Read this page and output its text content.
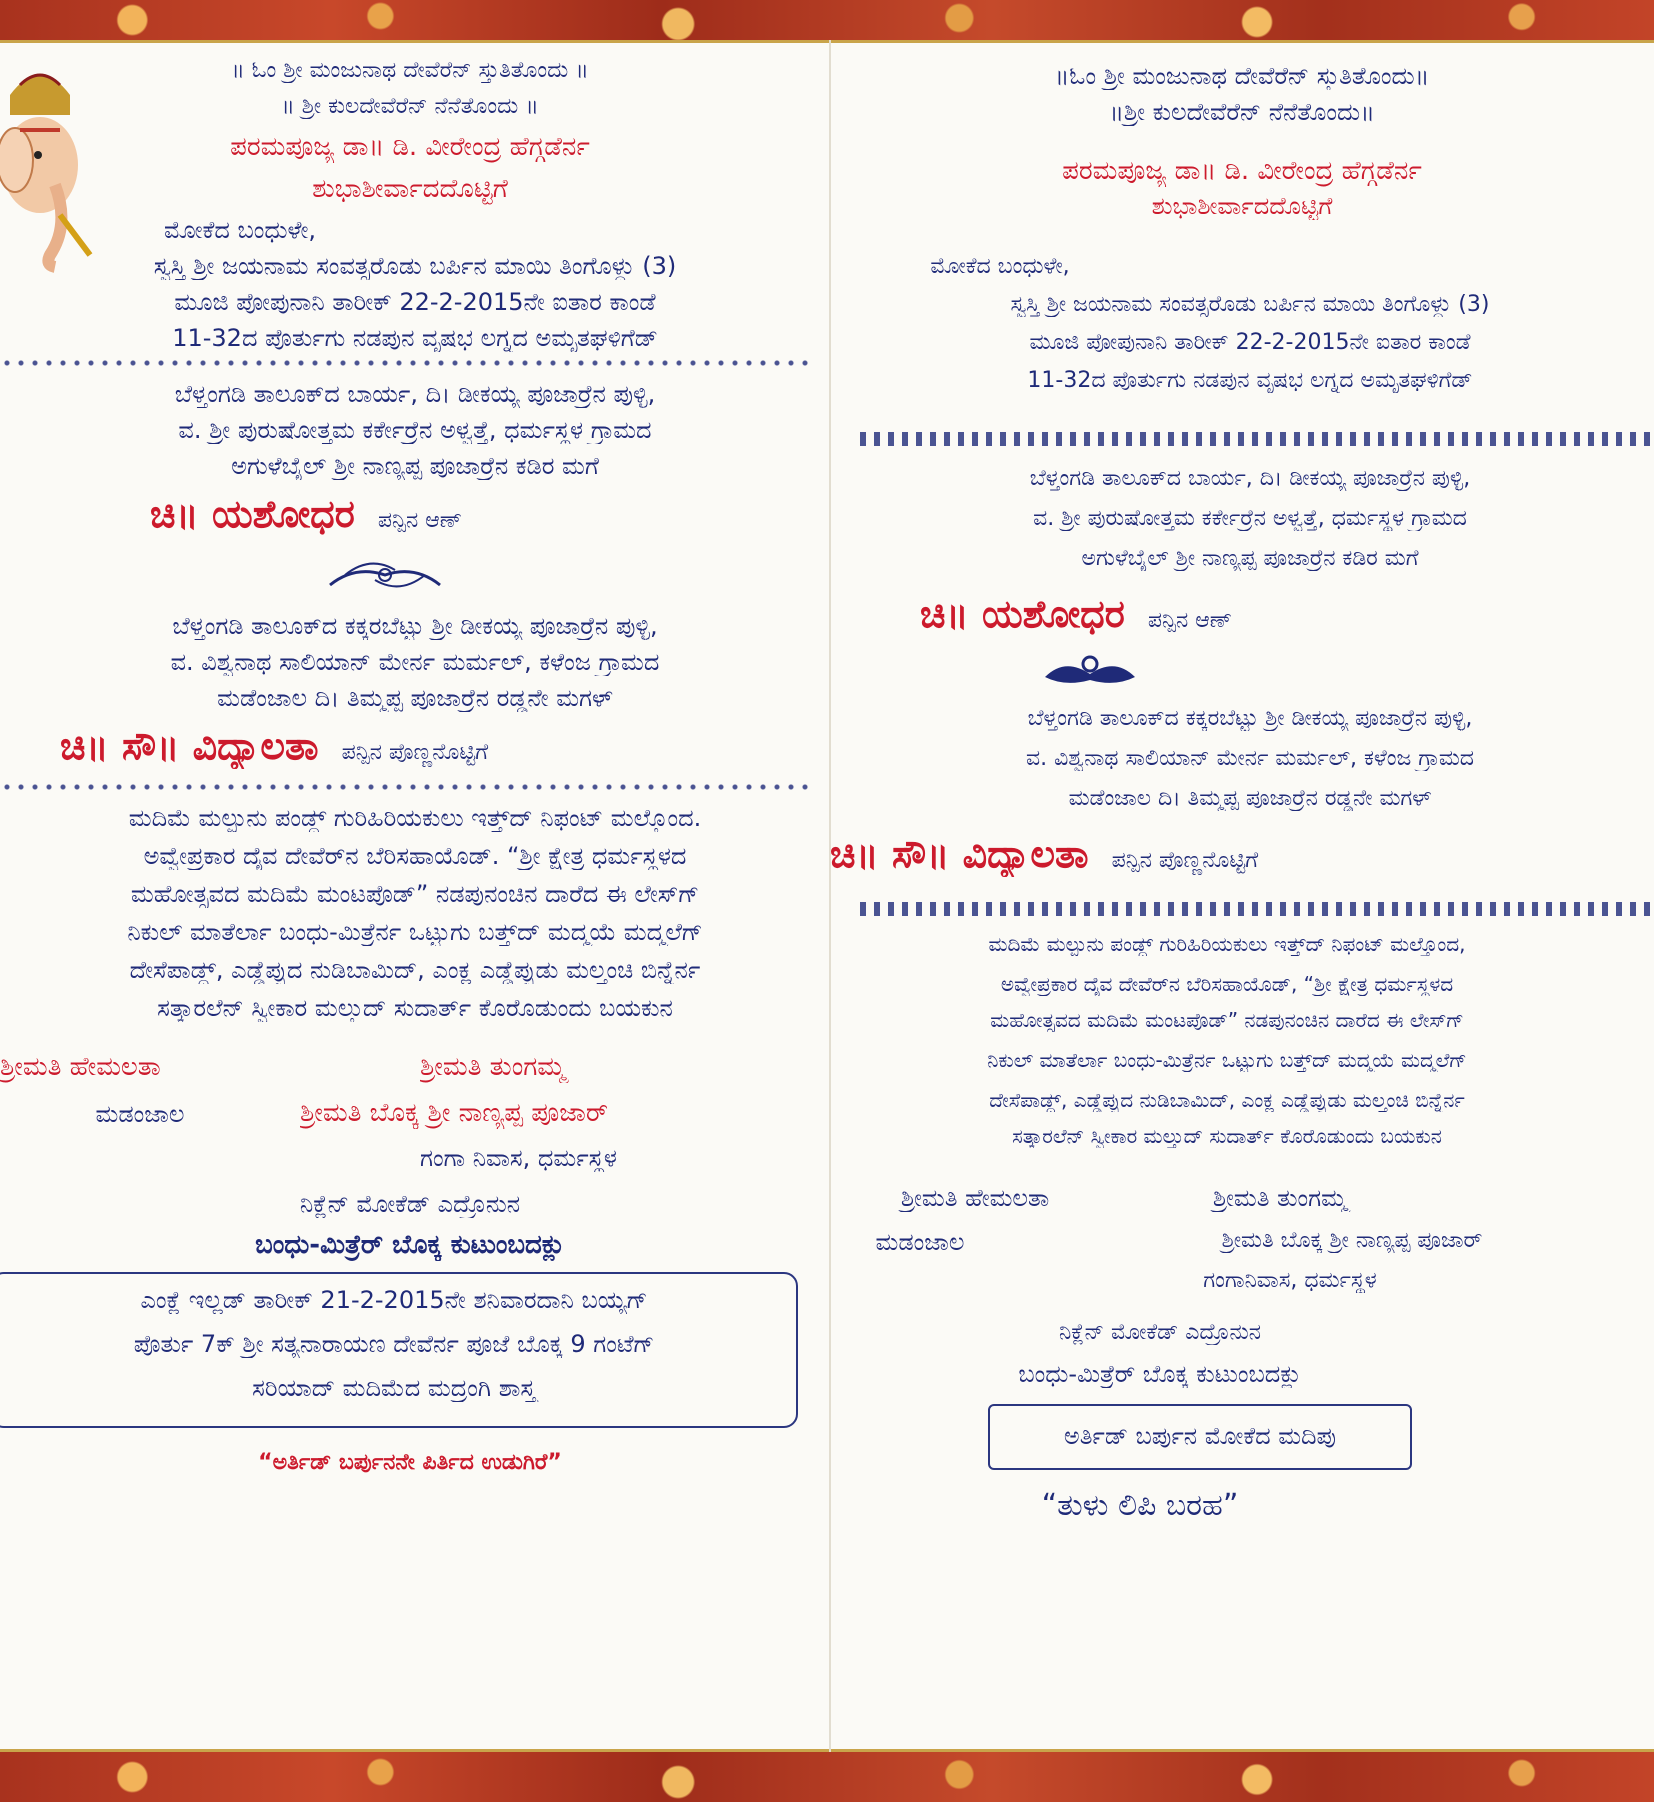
॥ ಓಂ ಶ್ರೀ ಮಂಜುನಾಥ ದೇವೆರೆನ್ ಸ್ತುತಿತೊಂದು ॥
॥ ಶ್ರೀ ಕುಲದೇವೆರೆನ್ ನೆನೆತೊಂದು ॥
ಪರಮಪೂಜ್ಯ ಡಾ॥ ಡಿ. ವೀರೇಂದ್ರ ಹೆಗ್ಗಡೆರ್ನ
ಶುಭಾಶೀರ್ವಾದದೊಟ್ಟಿಗೆ
ಮೋಕೆದ ಬಂಧುಳೇ,
ಸ್ವಸ್ತಿ ಶ್ರೀ ಜಯನಾಮ ಸಂವತ್ಸರೊಡು ಬರ್ಪಿನ ಮಾಯಿ ತಿಂಗೊಳ್ದು (3)
ಮೂಜಿ ಪೋಪುನಾನಿ ತಾರೀಕ್ 22-2-2015ನೇ ಐತಾರ ಕಾಂಡೆ
11-32ದ ಪೊರ್ತುಗು ನಡಪುನ ವೃಷಭ ಲಗ್ನದ ಅಮೃತಘಳಿಗೆಡ್
ಬೆಳ್ತಂಗಡಿ ತಾಲೂಕ್‌ದ ಬಾರ್ಯ, ದಿ। ಡೀಕಯ್ಯ ಪೂಜಾರ್ರೆನ ಪುಳ್ಳಿ,
ವ. ಶ್ರೀ ಪುರುಷೋತ್ತಮ ಕರ್ಕೇರ್ರೆನ ಅಳ್ವತ್ತೆ, ಧರ್ಮಸ್ಥಳ ಗ್ರಾಮದ
ಅಗುಳೆಬೈಲ್ ಶ್ರೀ ನಾಣ್ಯಪ್ಪ ಪೂಜಾರ್ರೆನ ಕಡಿರ ಮಗೆ
ಚಿ॥ ಯಶೋಧರ ಪನ್ಪಿನ ಆಣ್
ಬೆಳ್ತಂಗಡಿ ತಾಲೂಕ್‌ದ ಕಕ್ಕರಬೆಟ್ಟು ಶ್ರೀ ಡೀಕಯ್ಯ ಪೂಜಾರ್ರೆನ ಪುಳ್ಳಿ,
ವ. ವಿಶ್ವನಾಥ ಸಾಲಿಯಾನ್ ಮೇರ್ನ ಮರ್ಮಲ್, ಕಳೆಂಜ ಗ್ರಾಮದ
ಮಡೆಂಜಾಲ ದಿ। ತಿಮ್ಮಪ್ಪ ಪೂಜಾರ್ರೆನ ರಡ್ಡನೇ ಮಗಳ್
ಚಿ॥ ಸೌ॥ ವಿದ್ಯಾಲತಾ ಪನ್ಪಿನ ಪೊಣ್ಣನೊಟ್ಟಿಗೆ
ಮದಿಮೆ ಮಲ್ಪುನು ಪಂಡ್ದ್ ಗುರಿಹಿರಿಯಕುಲು ಇತ್ತ್‌ದ್ ನಿಫಂಟ್ ಮಲ್ತೊಂದ.
ಅವ್ವೇಪ್ರಕಾರ ದೈವ ದೇವೆರ್‌ನ ಬೆರಿಸಹಾಯೊಡ್. “ಶ್ರೀ ಕ್ಷೇತ್ರ ಧರ್ಮಸ್ಥಳದ
ಮಹೋತ್ಸವದ ಮದಿಮೆ ಮಂಟಪೊಡ್” ನಡಪುನಂಚಿನ ದಾರೆದ ಈ ಲೇಸ್‌ಗ್
ನಿಕುಲ್ ಮಾತೆರ್ಲಾ ಬಂಧು-ಮಿತ್ರೆರ್ನ ಒಟ್ಟುಗು ಬತ್ತ್‌ದ್ ಮದ್ಮಯೆ ಮದ್ಮಲೆಗ್
ದೇಸೆಪಾಡ್ದ್, ಎಡ್ಡೆಪ್ಪುದ ನುಡಿಬಾಮಿದ್, ಎಂಕ್ಲ ಎಡ್ಡೆಪ್ಪುಡು ಮಲ್ತಂಚಿ ಬಿನ್ನೆರ್ನ
ಸತ್ಕಾರಲೆನ್ ಸ್ವೀಕಾರ ಮಲ್ತುದ್ ಸುದಾರ್ತ್ ಕೊರೊಡುಂದು ಬಯಕುನ
ಶ್ರೀಮತಿ ಹೇಮಲತಾ
ಮಡಂಜಾಲ
ಶ್ರೀಮತಿ ತುಂಗಮ್ಮ
ಶ್ರೀಮತಿ ಬೊಕ್ಕ ಶ್ರೀ ನಾಣ್ಯಪ್ಪ ಪೂಜಾರ್
ಗಂಗಾ ನಿವಾಸ, ಧರ್ಮಸ್ಥಳ
ನಿಕ್ಲೆನ್ ಮೋಕೆಡ್ ಎದ್ರೊನುನ
ಬಂಧು-ಮಿತ್ರೆರ್ ಬೊಕ್ಕ ಕುಟುಂಬದಕ್ಲು
ಎಂಕ್ಲೆ ಇಲ್ಲಡ್ ತಾರೀಕ್ 21-2-2015ನೇ ಶನಿವಾರದಾನಿ ಬಯ್ಯಗ್
ಪೊರ್ತು 7ಕ್ ಶ್ರೀ ಸತ್ಯನಾರಾಯಣ ದೇವೆರ್ನ ಪೂಜೆ ಬೊಕ್ಕ 9 ಗಂಟೆಗ್
ಸರಿಯಾದ್ ಮದಿಮೆದ ಮದ್ರಂಗಿ ಶಾಸ್ತ್ರ
“ಅರ್ತಿಡ್ ಬರ್ಪುನನೇ ಪಿರ್ತಿದ ಉಡುಗಿರೆ”
॥ಓಂ ಶ್ರೀ ಮಂಜುನಾಥ ದೇವೆರೆನ್ ಸ್ತುತಿತೊಂದು॥
॥ಶ್ರೀ ಕುಲದೇವೆರೆನ್ ನೆನೆತೊಂದು॥
ಪರಮಪೂಜ್ಯ ಡಾ॥ ಡಿ. ವೀರೇಂದ್ರ ಹೆಗ್ಗಡೆರ್ನ
ಶುಭಾಶೀರ್ವಾದದೊಟ್ಟಿಗೆ
ಮೋಕೆದ ಬಂಧುಳೇ,
ಸ್ವಸ್ತಿ ಶ್ರೀ ಜಯನಾಮ ಸಂವತ್ಸರೊಡು ಬರ್ಪಿನ ಮಾಯಿ ತಿಂಗೊಳ್ದು (3)
ಮೂಜಿ ಪೋಪುನಾನಿ ತಾರೀಕ್ 22-2-2015ನೇ ಐತಾರ ಕಾಂಡೆ
11-32ದ ಪೊರ್ತುಗು ನಡಪುನ ವೃಷಭ ಲಗ್ನದ ಅಮೃತಘಳಿಗೆಡ್
ಬೆಳ್ತಂಗಡಿ ತಾಲೂಕ್‌ದ ಬಾರ್ಯ, ದಿ। ಡೀಕಯ್ಯ ಪೂಜಾರ್ರೆನ ಪುಳ್ಳಿ,
ವ. ಶ್ರೀ ಪುರುಷೋತ್ತಮ ಕರ್ಕೇರ್ರೆನ ಅಳ್ವತ್ತೆ, ಧರ್ಮಸ್ಥಳ ಗ್ರಾಮದ
ಅಗುಳೆಬೈಲ್ ಶ್ರೀ ನಾಣ್ಯಪ್ಪ ಪೂಜಾರ್ರೆನ ಕಡಿರ ಮಗೆ
ಚಿ॥ ಯಶೋಧರ ಪನ್ಪಿನ ಆಣ್
ಬೆಳ್ತಂಗಡಿ ತಾಲೂಕ್‌ದ ಕಕ್ಕರಬೆಟ್ಟು ಶ್ರೀ ಡೀಕಯ್ಯ ಪೂಜಾರ್ರೆನ ಪುಳ್ಳಿ,
ವ. ವಿಶ್ವನಾಥ ಸಾಲಿಯಾನ್ ಮೇರ್ನ ಮರ್ಮಲ್, ಕಳೆಂಜ ಗ್ರಾಮದ
ಮಡೆಂಜಾಲ ದಿ। ತಿಮ್ಮಪ್ಪ ಪೂಜಾರ್ರೆನ ರಡ್ಡನೇ ಮಗಳ್
ಚಿ॥ ಸೌ॥ ವಿದ್ಯಾಲತಾ ಪನ್ಪಿನ ಪೊಣ್ಣನೊಟ್ಟಿಗೆ
ಮದಿಮೆ ಮಲ್ಪುನು ಪಂಡ್ದ್ ಗುರಿಹಿರಿಯಕುಲು ಇತ್ತ್‌ದ್ ನಿಫಂಟ್ ಮಲ್ತೊಂದ,
ಅವ್ವೇಪ್ರಕಾರ ದೈವ ದೇವೆರ್‌ನ ಬೆರಿಸಹಾಯೊಡ್, “ಶ್ರೀ ಕ್ಷೇತ್ರ ಧರ್ಮಸ್ಥಳದ
ಮಹೋತ್ಸವದ ಮದಿಮೆ ಮಂಟಪೊಡ್” ನಡಪುನಂಚಿನ ದಾರೆದ ಈ ಲೇಸ್‌ಗ್
ನಿಕುಲ್ ಮಾತೆರ್ಲಾ ಬಂಧು-ಮಿತ್ರೆರ್ನ ಒಟ್ಟುಗು ಬತ್ತ್‌ದ್ ಮದ್ಮಯೆ ಮದ್ಮಲೆಗ್
ದೇಸೆಪಾಡ್ದ್, ಎಡ್ಡೆಪ್ಪುದ ನುಡಿಬಾಮಿದ್, ಎಂಕ್ಲ ಎಡ್ಡೆಪ್ಪುಡು ಮಲ್ತಂಚಿ ಬಿನ್ನೆರ್ನ
ಸತ್ಕಾರಲೆನ್ ಸ್ವೀಕಾರ ಮಲ್ತುದ್ ಸುದಾರ್ತ್ ಕೊರೊಡುಂದು ಬಯಕುನ
ಶ್ರೀಮತಿ ಹೇಮಲತಾ
ಮಡಂಜಾಲ
ಶ್ರೀಮತಿ ತುಂಗಮ್ಮ
ಶ್ರೀಮತಿ ಬೊಕ್ಕ ಶ್ರೀ ನಾಣ್ಯಪ್ಪ ಪೂಜಾರ್
ಗಂಗಾನಿವಾಸ, ಧರ್ಮಸ್ಥಳ
ನಿಕ್ಲೆನ್ ಮೋಕೆಡ್ ಎದ್ರೊನುನ
ಬಂಧು-ಮಿತ್ರೆರ್ ಬೊಕ್ಕ ಕುಟುಂಬದಕ್ಲು
ಅರ್ತಿಡ್ ಬರ್ಪುನ ಮೋಕೆದ ಮದಿಪು
“ತುಳು ಲಿಪಿ ಬರಹ”
